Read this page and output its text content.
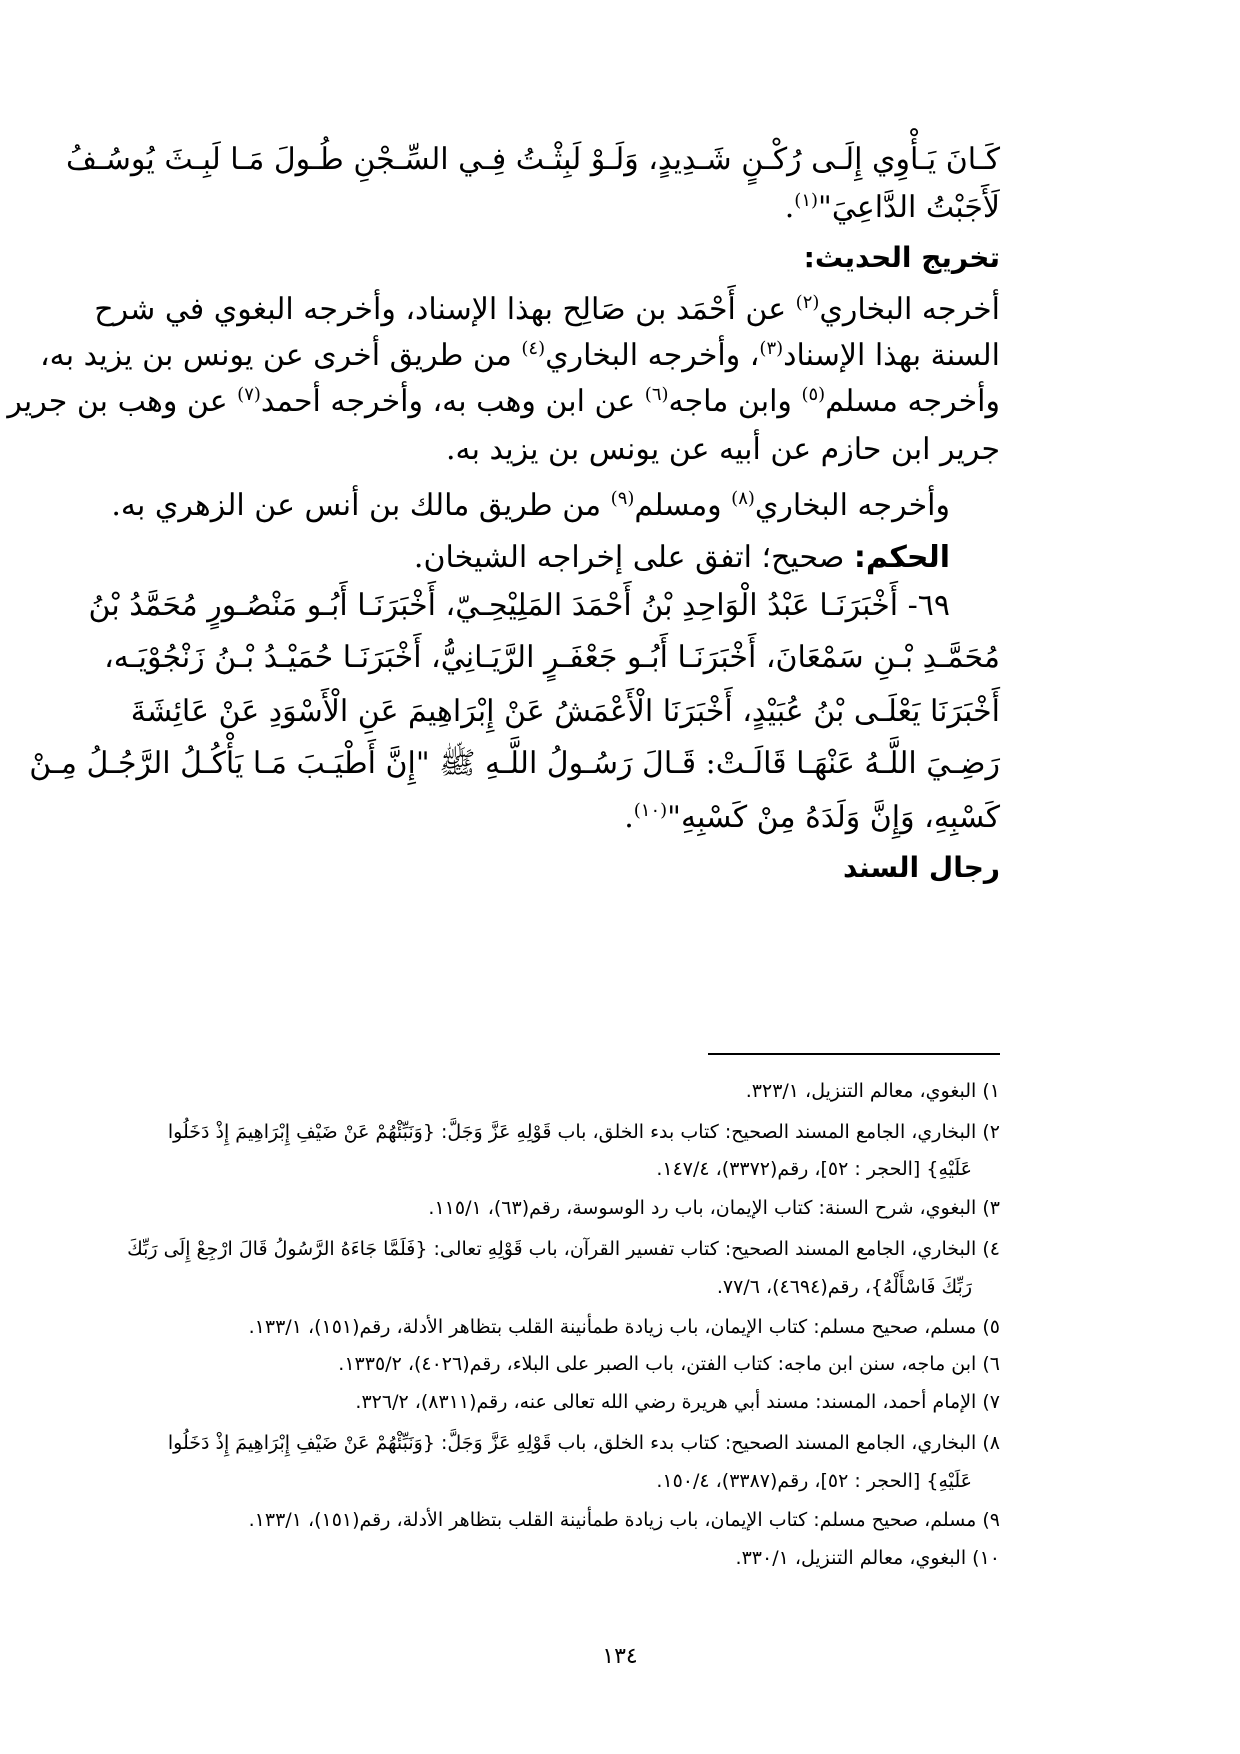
كَـانَ يَـأْوِي إِلَـى رُكْـنٍ شَـدِيدٍ، وَلَـوْ لَبِثْـتُ فِـي السِّـجْنِ طُـولَ مَـا لَبِـثَ يُوسُـفُ
لَأَجَبْتُ الدَّاعِيَ"$^{(١)}$.
تخريج الحديث:
أخرجه البخاري$^{(٢)}$ عن أَحْمَد بن صَالِح بهذا الإسناد، وأخرجه البغوي في شرح
السنة بهذا الإسناد$^{(٣)}$، وأخرجه البخاري$^{(٤)}$ من طريق أخرى عن يونس بن يزيد به،
وأخرجه مسلم$^{(٥)}$ وابن ماجه$^{(٦)}$ عن ابن وهب به، وأخرجه أحمد$^{(٧)}$ عن وهب بن جرير
جرير ابن حازم عن أبيه عن يونس بن يزيد به.
وأخرجه البخاري$^{(٨)}$ ومسلم$^{(٩)}$ من طريق مالك بن أنس عن الزهري به.
الحكم: صحيح؛ اتفق على إخراجه الشيخان.
٦٩- أَخْبَرَنَـا عَبْدُ الْوَاحِدِ بْنُ أَحْمَدَ المَلِيْحِـيّ، أَخْبَرَنَـا أَبُـو مَنْصُـورٍ مُحَمَّدُ بْنُ
مُحَمَّـدِ بْـنِ سَمْعَانَ، أَخْبَرَنَـا أَبُـو جَعْفَـرٍ الرَّيَـانِيُّ، أَخْبَرَنَـا حُمَيْـدُ بْـنُ زَنْجُوْيَـه،
أَخْبَرَنَا يَعْلَـى بْنُ عُبَيْدٍ، أَخْبَرَنَا الْأَعْمَشُ عَنْ إِبْرَاهِيمَ عَنِ الْأَسْوَدِ عَنْ عَائِشَةَ
رَضِـيَ اللَّـهُ عَنْهَـا قَالَـتْ: قَـالَ رَسُـولُ اللَّـهِ ﷺ "إِنَّ أَطْيَـبَ مَـا يَأْكُـلُ الرَّجُـلُ مِـنْ
كَسْبِهِ، وَإِنَّ وَلَدَهُ مِنْ كَسْبِهِ"$^{(١٠)}$.
رجال السند
١) البغوي، معالم التنزيل، ٣٢٣/١.
٢) البخاري، الجامع المسند الصحيح: كتاب بدء الخلق، باب قَوْلِهِ عَزَّ وَجَلَّ: {وَنَبِّئْهُمْ عَنْ ضَيْفِ إِبْرَاهِيمَ إِذْ دَخَلُوا
عَلَيْهِ} [الحجر : ٥٢]، رقم(٣٣٧٢)، ١٤٧/٤.
٣) البغوي، شرح السنة: كتاب الإيمان، باب رد الوسوسة، رقم(٦٣)، ١١٥/١.
٤) البخاري، الجامع المسند الصحيح: كتاب تفسير القرآن، باب قَوْلِهِ تعالى: {فَلَمَّا جَاءَهُ الرَّسُولُ قَالَ ارْجِعْ إِلَى رَبِّكَ
رَبِّكَ فَاسْأَلْهُ}، رقم(٤٦٩٤)، ٧٧/٦.
٥) مسلم، صحيح مسلم: كتاب الإيمان، باب زيادة طمأنينة القلب بتظاهر الأدلة، رقم(١٥١)، ١٣٣/١.
٦) ابن ماجه، سنن ابن ماجه: كتاب الفتن، باب الصبر على البلاء، رقم(٤٠٢٦)، ١٣٣٥/٢.
٧) الإمام أحمد، المسند: مسند أبي هريرة رضي الله تعالى عنه، رقم(٨٣١١)، ٣٢٦/٢.
٨) البخاري، الجامع المسند الصحيح: كتاب بدء الخلق، باب قَوْلِهِ عَزَّ وَجَلَّ: {وَنَبِّئْهُمْ عَنْ ضَيْفِ إِبْرَاهِيمَ إِذْ دَخَلُوا
عَلَيْهِ} [الحجر : ٥٢]، رقم(٣٣٨٧)، ١٥٠/٤.
٩) مسلم، صحيح مسلم: كتاب الإيمان، باب زيادة طمأنينة القلب بتظاهر الأدلة، رقم(١٥١)، ١٣٣/١.
١٠) البغوي، معالم التنزيل، ٣٣٠/١.
١٣٤
